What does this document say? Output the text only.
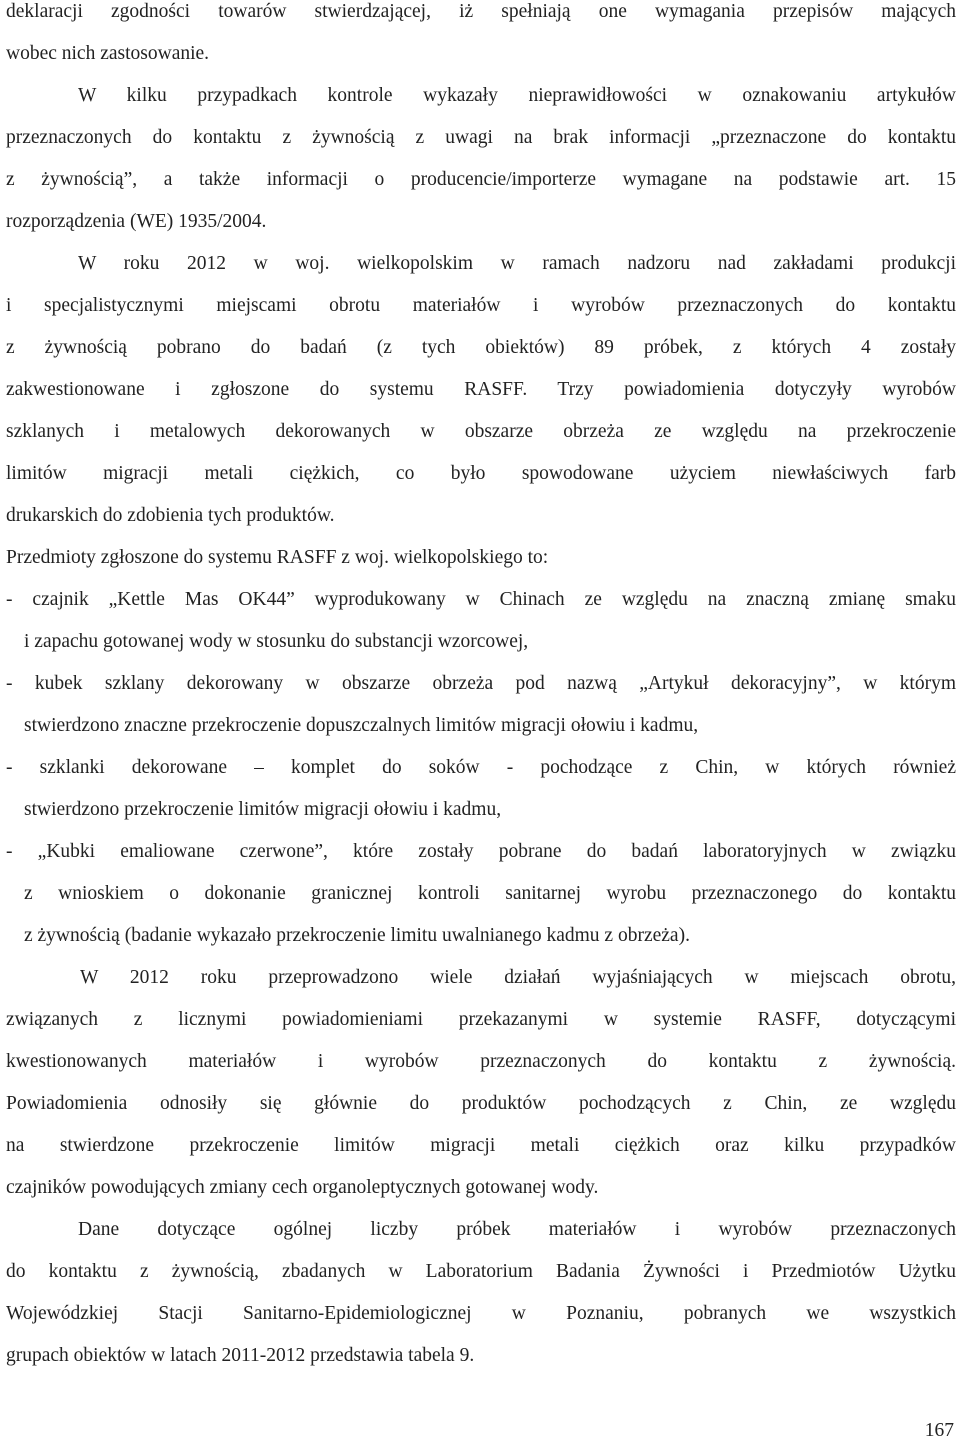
deklaracji zgodności towarów stwierdzającej, iż spełniają one wymagania przepisów mających

wobec nich zastosowanie.

W kilku przypadkach kontrole wykazały nieprawidłowości w oznakowaniu artykułów

przeznaczonych do kontaktu z żywnością z uwagi na brak informacji „przeznaczone do kontaktu

z żywnością”, a także informacji o producencie/importerze wymagane na podstawie art. 15

rozporządzenia (WE) 1935/2004.

W roku 2012 w woj. wielkopolskim w ramach nadzoru nad zakładami produkcji

i specjalistycznymi miejscami obrotu materiałów i wyrobów przeznaczonych do kontaktu

z żywnością pobrano do badań (z tych obiektów) 89 próbek, z których 4 zostały

zakwestionowane i zgłoszone do systemu RASFF. Trzy powiadomienia dotyczyły wyrobów

szklanych i metalowych dekorowanych w obszarze obrzeża ze względu na przekroczenie

limitów migracji metali ciężkich, co było spowodowane użyciem niewłaściwych farb

drukarskich do zdobienia tych produktów.

Przedmioty zgłoszone do systemu RASFF z woj. wielkopolskiego to:

- czajnik „Kettle Mas OK44” wyprodukowany w Chinach ze względu na znaczną zmianę smaku

i zapachu gotowanej wody w stosunku do substancji wzorcowej,

- kubek szklany dekorowany w obszarze obrzeża pod nazwą „Artykuł dekoracyjny”, w którym

stwierdzono znaczne przekroczenie dopuszczalnych limitów migracji ołowiu i kadmu,

- szklanki dekorowane – komplet do soków - pochodzące z Chin, w których również

stwierdzono przekroczenie limitów migracji ołowiu i kadmu,

- „Kubki emaliowane czerwone”, które zostały pobrane do badań laboratoryjnych w związku

z wnioskiem o dokonanie granicznej kontroli sanitarnej wyrobu przeznaczonego do kontaktu

z żywnością (badanie wykazało przekroczenie limitu uwalnianego kadmu z obrzeża).

W 2012 roku przeprowadzono wiele działań wyjaśniających w miejscach obrotu,

związanych z licznymi powiadomieniami przekazanymi w systemie RASFF, dotyczącymi

kwestionowanych materiałów i wyrobów przeznaczonych do kontaktu z żywnością.

Powiadomienia odnosiły się głównie do produktów pochodzących z Chin, ze względu

na stwierdzone przekroczenie limitów migracji metali ciężkich oraz kilku przypadków

czajników powodujących zmiany cech organoleptycznych gotowanej wody.

Dane dotyczące ogólnej liczby próbek materiałów i wyrobów przeznaczonych

do kontaktu z żywnością, zbadanych w Laboratorium Badania Żywności i Przedmiotów Użytku

Wojewódzkiej Stacji Sanitarno-Epidemiologicznej w Poznaniu, pobranych we wszystkich

grupach obiektów w latach 2011-2012 przedstawia tabela 9.

167
